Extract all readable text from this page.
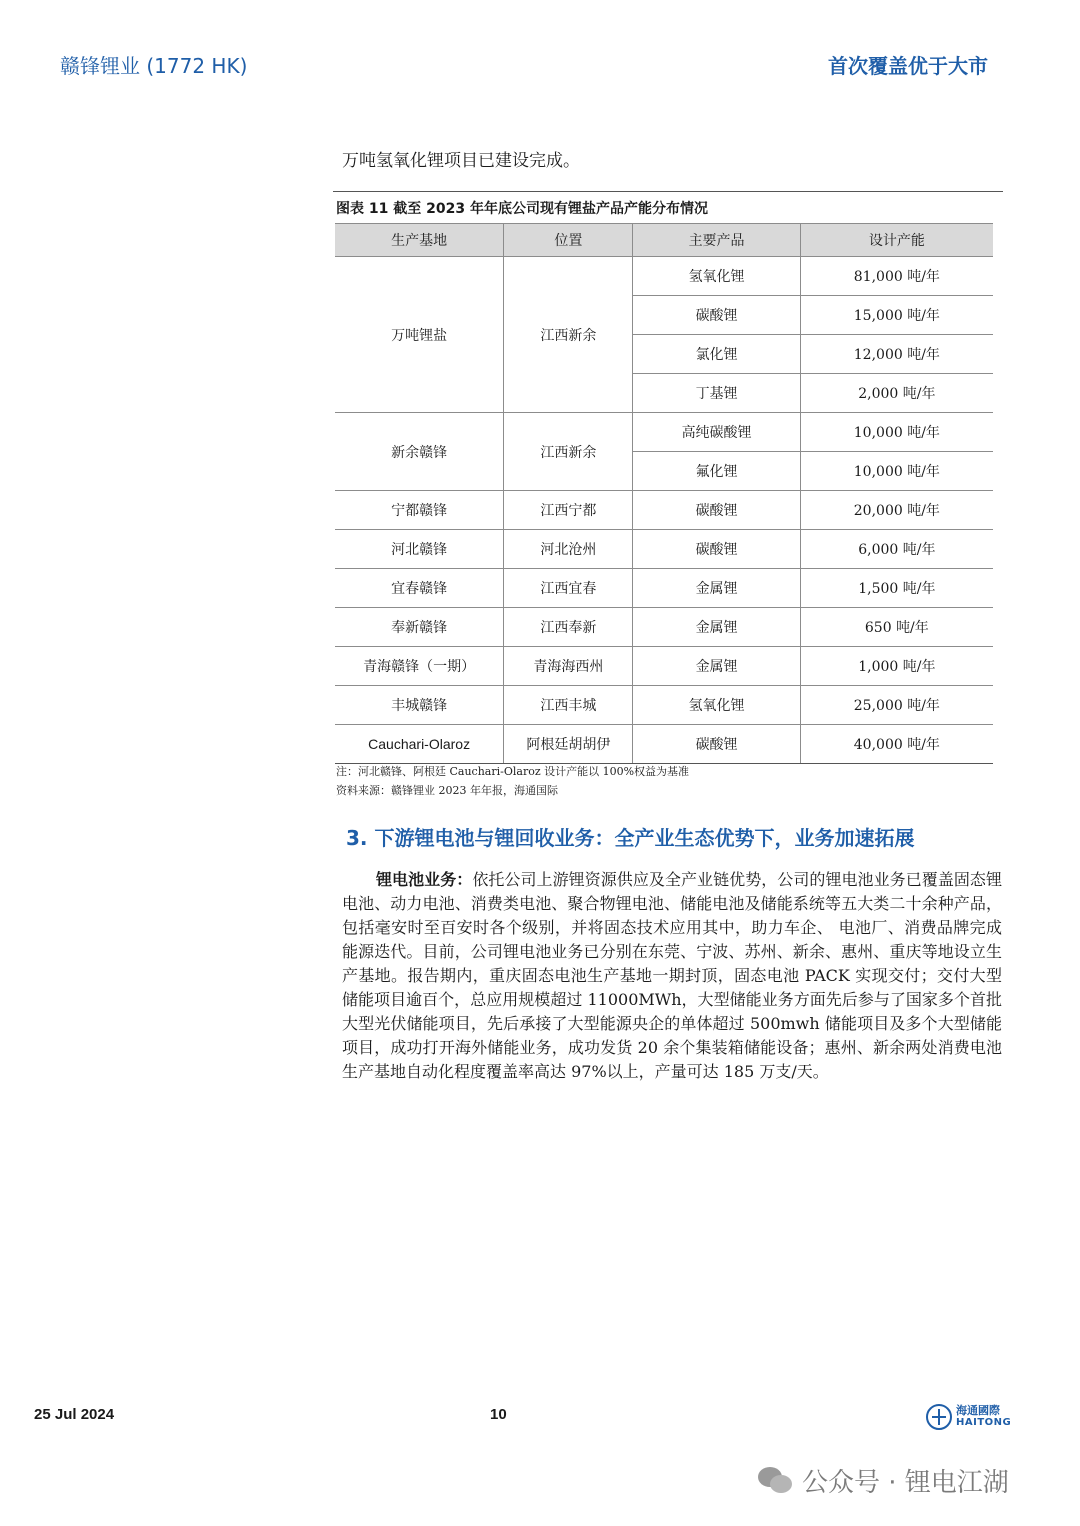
赣锋锂业 (1772 HK)	首次覆盖优于大市
万吨氢氧化锂项目已建设完成。
图表 11 截至 2023 年年底公司现有锂盐产品产能分布情况
生产基地	位置	主要产品	设计产能
万吨锂盐	江西新余	氢氧化锂	81,000 吨/年
		碳酸锂	15,000 吨/年
		氯化锂	12,000 吨/年
		丁基锂	2,000 吨/年
新余赣锋	江西新余	高纯碳酸锂	10,000 吨/年
		氟化锂	10,000 吨/年
宁都赣锋	江西宁都	碳酸锂	20,000 吨/年
河北赣锋	河北沧州	碳酸锂	6,000 吨/年
宜春赣锋	江西宜春	金属锂	1,500 吨/年
奉新赣锋	江西奉新	金属锂	650 吨/年
青海赣锋（一期）	青海海西州	金属锂	1,000 吨/年
丰城赣锋	江西丰城	氢氧化锂	25,000 吨/年
Cauchari-Olaroz	阿根廷胡胡伊	碳酸锂	40,000 吨/年
注：河北赣锋、阿根廷 Cauchari-Olaroz 设计产能以 100%权益为基准
资料来源：赣锋锂业 2023 年年报，海通国际
3. 下游锂电池与锂回收业务：全产业生态优势下，业务加速拓展
锂电池业务：依托公司上游锂资源供应及全产业链优势，公司的锂电池业务已覆盖固态锂电池、动力电池、消费类电池、聚合物锂电池、储能电池及储能系统等五大类二十余种产品，包括毫安时至百安时各个级别，并将固态技术应用其中，助力车企、 电池厂、消费品牌完成能源迭代。目前，公司锂电池业务已分别在东莞、宁波、苏州、新余、惠州、重庆等地设立生产基地。报告期内，重庆固态电池生产基地一期封顶，固态电池 PACK 实现交付；交付大型储能项目逾百个，总应用规模超过 11000MWh，大型储能业务方面先后参与了国家多个首批大型光伏储能项目，先后承接了大型能源央企的单体超过 500mwh 储能项目及多个大型储能项目，成功打开海外储能业务，成功发货 20 余个集装箱储能设备；惠州、新余两处消费电池生产基地自动化程度覆盖率高达 97%以上，产量可达 185 万支/天。
25 Jul 2024	10	海通國際
HAITONG
公众号 · 锂电江湖
